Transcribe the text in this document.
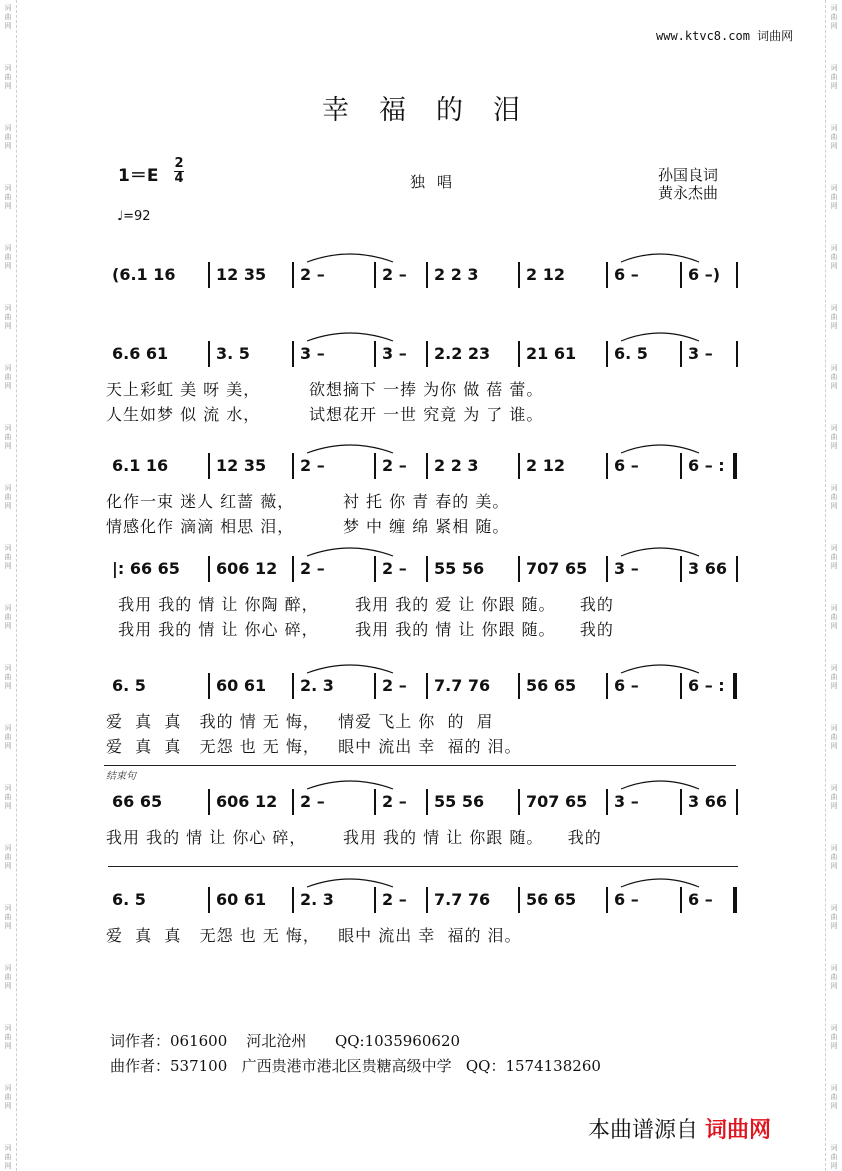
词
曲
网
词
曲
网
词
曲
网
词
曲
网
词
曲
网
词
曲
网
词
曲
网
词
曲
网
词
曲
网
词
曲
网
词
曲
网
词
曲
网
词
曲
网
词
曲
网
词
曲
网
词
曲
网
词
曲
网
词
曲
网
词
曲
网
词
曲
网
词
曲
网
词
曲
网
词
曲
网
词
曲
网
词
曲
网
词
曲
网
词
曲
网
词
曲
网
词
曲
网
词
曲
网
词
曲
网
词
曲
网
词
曲
网
词
曲
网
词
曲
网
词
曲
网
词
曲
网
词
曲
网
词
曲
网
词
曲
网
www.ktvc8.com 词曲网
幸福的泪
1＝E
2
4	独唱	孙国良词
黄永杰曲
♩=92
(6.1 16	12 35 2 –	2 – 2 2 3	2 12	6 –	6 –)
6.6 61	3. 5	3 –	3 – 2.2 23 21 61 6. 5	3 –
天上彩虹 美 呀 美，        欲想摘下 一捧 为你 做 蓓 蕾。
人生如梦 似 流 水，        试想花开 一世 究竟 为 了 谁。
6.1 16	12 35 2 –	2 – 2 2 3	2 12	6 –	6 – :
化作一束 迷人 红蔷 薇，        衬 托 你 青 春的 美。
情感化作 滴滴 相思 泪，        梦 中 缠 绵 紧相 随。
|: 66 65 606 12 2 –	2 – 55 56	707 65 3 –	3 66
我用 我的 情 让 你陶 醉，      我用 我的 爱 让 你跟 随。    我的
我用 我的 情 让 你心 碎，      我用 我的 情 让 你跟 随。    我的
6. 5	60 61 2. 3	2 – 7.7 76 56 65 6 –	6 – :
爱  真  真   我的 情 无 悔，   情爱 飞上 你  的  眉
爱  真  真   无怨 也 无 悔，   眼中 流出 幸  福的 泪。
66 65	606 12 2 –	2 – 55 56	707 65 3 –	3 66
结束句
我用 我的 情 让 你心 碎，      我用 我的 情 让 你跟 随。    我的
6. 5	60 61 2. 3	2 – 7.7 76 56 65 6 –	6 –
爱  真  真   无怨 也 无 悔，   眼中 流出 幸  福的 泪。
词作者：061600    河北沧州      QQ:1035960620
曲作者：537100   广西贵港市港北区贵糖高级中学   QQ：1574138260
本曲谱源自 词曲网
